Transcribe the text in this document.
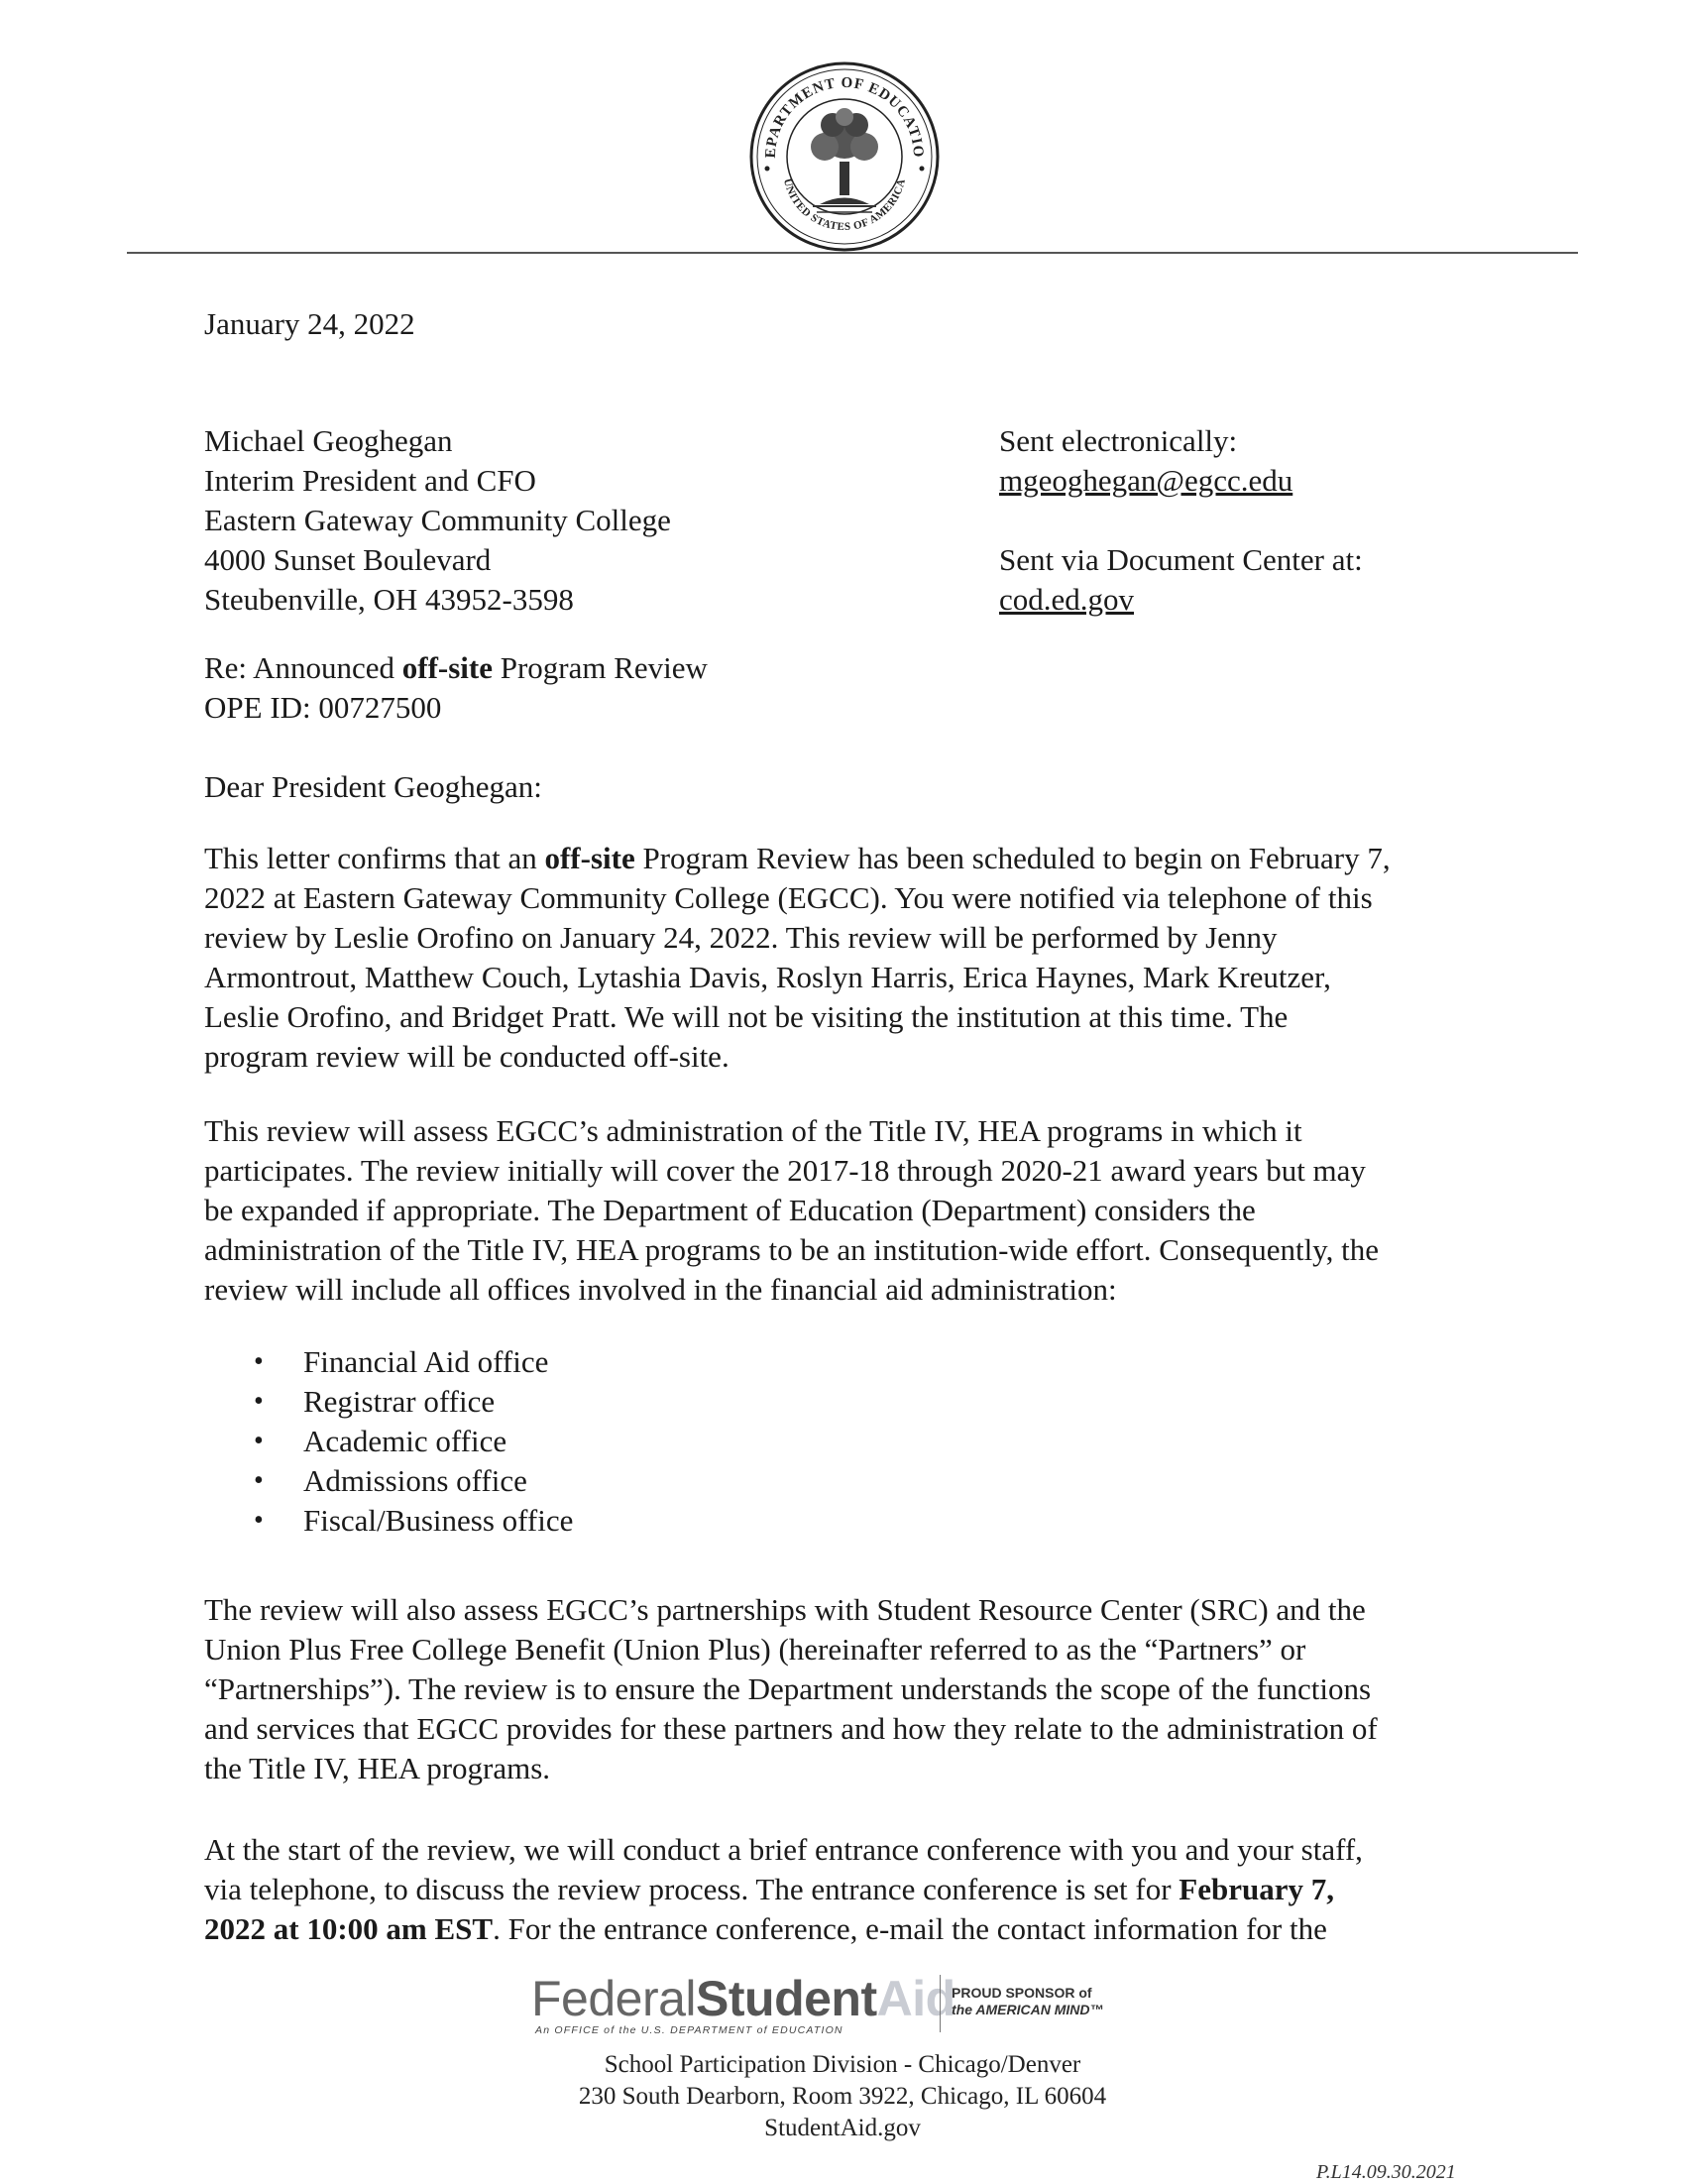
EPARTMENT OF EDUCATIO
UNITED STATES OF AMERICA
January 24, 2022
Michael Geoghegan
Interim President and CFO
Eastern Gateway Community College
4000 Sunset Boulevard
Steubenville, OH 43952-3598
Sent electronically:
mgeoghegan@egcc.edu
Sent via Document Center at:
cod.ed.gov
Re: Announced off-site Program Review
OPE ID: 00727500
Dear President Geoghegan:
This letter confirms that an off-site Program Review has been scheduled to begin on February 7,
2022 at Eastern Gateway Community College (EGCC). You were notified via telephone of this
review by Leslie Orofino on January 24, 2022. This review will be performed by Jenny
Armontrout, Matthew Couch, Lytashia Davis, Roslyn Harris, Erica Haynes, Mark Kreutzer,
Leslie Orofino, and Bridget Pratt. We will not be visiting the institution at this time. The
program review will be conducted off-site.
This review will assess EGCC’s administration of the Title IV, HEA programs in which it
participates. The review initially will cover the 2017-18 through 2020-21 award years but may
be expanded if appropriate. The Department of Education (Department) considers the
administration of the Title IV, HEA programs to be an institution-wide effort. Consequently, the
review will include all offices involved in the financial aid administration:
• Financial Aid office
• Registrar office
• Academic office
• Admissions office
• Fiscal/Business office
The review will also assess EGCC’s partnerships with Student Resource Center (SRC) and the
Union Plus Free College Benefit (Union Plus) (hereinafter referred to as the “Partners” or
“Partnerships”). The review is to ensure the Department understands the scope of the functions
and services that EGCC provides for these partners and how they relate to the administration of
the Title IV, HEA programs.
At the start of the review, we will conduct a brief entrance conference with you and your staff,
via telephone, to discuss the review process. The entrance conference is set for February 7,
2022 at 10:00 am EST. For the entrance conference, e-mail the contact information for the
FederalStudentAid
An OFFICE of the U.S. DEPARTMENT of EDUCATION
PROUD SPONSOR of
the AMERICAN MIND™
School Participation Division - Chicago/Denver
230 South Dearborn, Room 3922, Chicago, IL 60604
StudentAid.gov
P.L14.09.30.2021
